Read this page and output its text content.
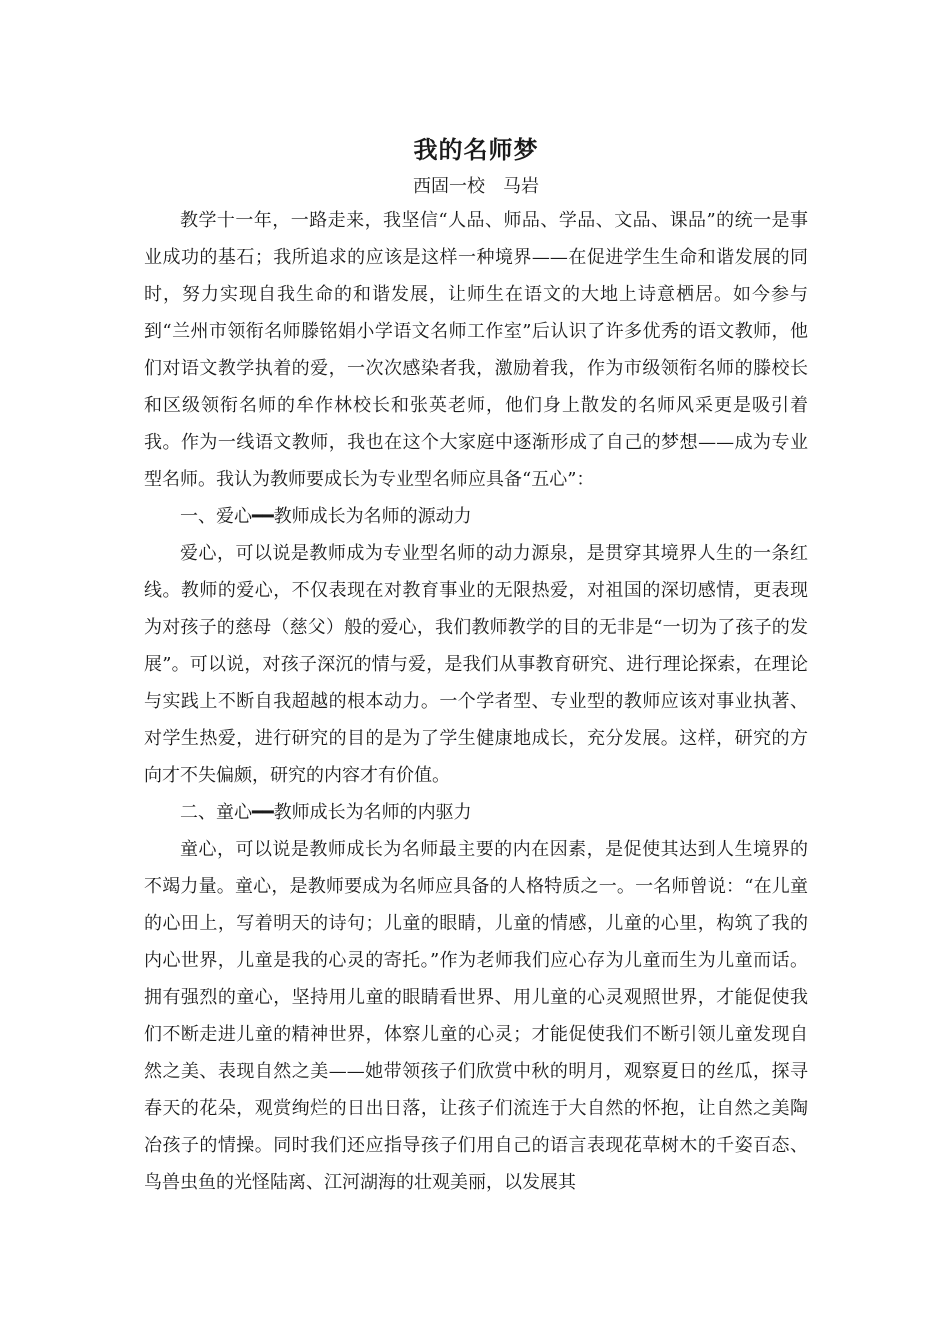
我的名师梦

西固一校　马岩

教学十一年，一路走来，我坚信“人品、师品、学品、文品、课品”的统一是事业成功的基石；我所追求的应该是这样一种境界——在促进学生生命和谐发展的同时，努力实现自我生命的和谐发展，让师生在语文的大地上诗意栖居。如今参与到“兰州市领衔名师滕铭娟小学语文名师工作室”后认识了许多优秀的语文教师，他们对语文教学执着的爱，一次次感染者我，激励着我，作为市级领衔名师的滕校长和区级领衔名师的牟作林校长和张英老师，他们身上散发的名师风采更是吸引着我。作为一线语文教师，我也在这个大家庭中逐渐形成了自己的梦想——成为专业型名师。我认为教师要成长为专业型名师应具备“五心”：

一、爱心━━教师成长为名师的源动力

爱心，可以说是教师成为专业型名师的动力源泉，是贯穿其境界人生的一条红线。教师的爱心，不仅表现在对教育事业的无限热爱，对祖国的深切感情，更表现为对孩子的慈母（慈父）般的爱心，我们教师教学的目的无非是“一切为了孩子的发展”。可以说，对孩子深沉的情与爱，是我们从事教育研究、进行理论探索，在理论与实践上不断自我超越的根本动力。一个学者型、专业型的教师应该对事业执著、对学生热爱，进行研究的目的是为了学生健康地成长，充分发展。这样，研究的方向才不失偏颇，研究的内容才有价值。

二、童心━━教师成长为名师的内驱力

童心，可以说是教师成长为名师最主要的内在因素，是促使其达到人生境界的不竭力量。童心，是教师要成为名师应具备的人格特质之一。一名师曾说：“在儿童的心田上，写着明天的诗句；儿童的眼睛，儿童的情感，儿童的心里，构筑了我的内心世界，儿童是我的心灵的寄托。”作为老师我们应心存为儿童而生为儿童而话。拥有强烈的童心，坚持用儿童的眼睛看世界、用儿童的心灵观照世界，才能促使我们不断走进儿童的精神世界，体察儿童的心灵；才能促使我们不断引领儿童发现自然之美、表现自然之美——她带领孩子们欣赏中秋的明月，观察夏日的丝瓜，探寻春天的花朵，观赏绚烂的日出日落，让孩子们流连于大自然的怀抱，让自然之美陶冶孩子的情操。同时我们还应指导孩子们用自己的语言表现花草树木的千姿百态、鸟兽虫鱼的光怪陆离、江河湖海的壮观美丽，以发展其
